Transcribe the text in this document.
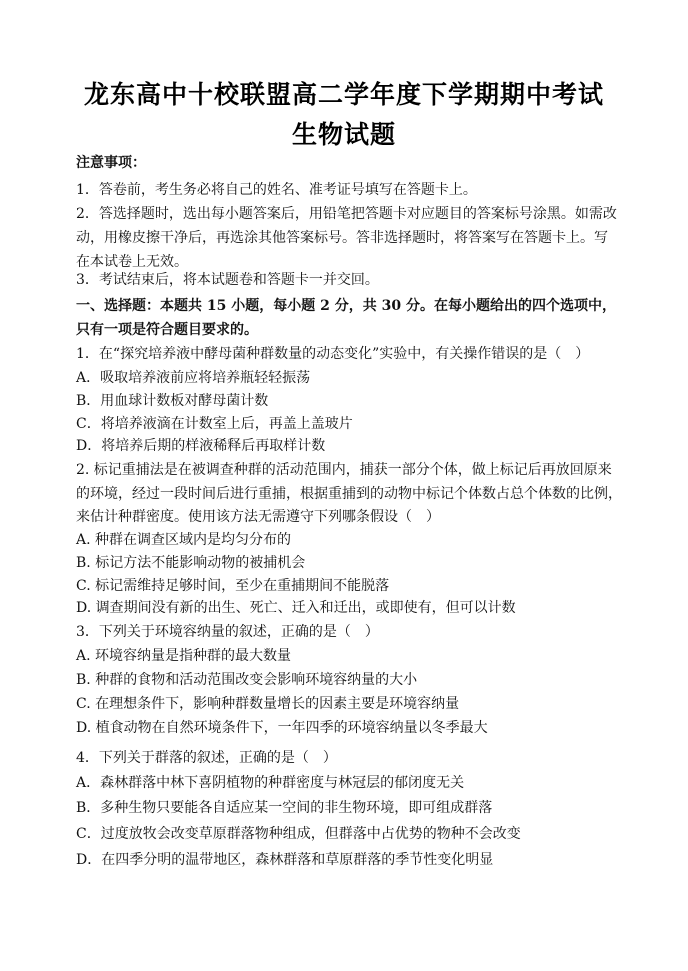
龙东高中十校联盟高二学年度下学期期中考试
生物试题
注意事项：
1．答卷前，考生务必将自己的姓名、准考证号填写在答题卡上。
2．答选择题时，选出每小题答案后，用铅笔把答题卡对应题目的答案标号涂黑。如需改
动，用橡皮擦干净后，再选涂其他答案标号。答非选择题时，将答案写在答题卡上。写
在本试卷上无效。
3．考试结束后，将本试题卷和答题卡一并交回。
一、选择题：本题共 15 小题，每小题 2 分，共 30 分。在每小题给出的四个选项中，
只有一项是符合题目要求的。
1．在“探究培养液中酵母菌种群数量的动态变化”实验中，有关操作错误的是（　）
A．吸取培养液前应将培养瓶轻轻振荡
B．用血球计数板对酵母菌计数
C．将培养液滴在计数室上后，再盖上盖玻片
D．将培养后期的样液稀释后再取样计数
2. 标记重捕法是在被调查种群的活动范围内，捕获一部分个体，做上标记后再放回原来
的环境，经过一段时间后进行重捕，根据重捕到的动物中标记个体数占总个体数的比例，
来估计种群密度。使用该方法无需遵守下列哪条假设（　）
A. 种群在调查区域内是均匀分布的
B. 标记方法不能影响动物的被捕机会
C. 标记需维持足够时间，至少在重捕期间不能脱落
D. 调查期间没有新的出生、死亡、迁入和迁出，或即使有，但可以计数
3．下列关于环境容纳量的叙述，正确的是（　）
A. 环境容纳量是指种群的最大数量
B. 种群的食物和活动范围改变会影响环境容纳量的大小
C. 在理想条件下，影响种群数量增长的因素主要是环境容纳量
D. 植食动物在自然环境条件下，一年四季的环境容纳量以冬季最大
4．下列关于群落的叙述，正确的是（　）
A．森林群落中林下喜阴植物的种群密度与林冠层的郁闭度无关
B．多种生物只要能各自适应某一空间的非生物环境，即可组成群落
C．过度放牧会改变草原群落物种组成，但群落中占优势的物种不会改变
D．在四季分明的温带地区，森林群落和草原群落的季节性变化明显
